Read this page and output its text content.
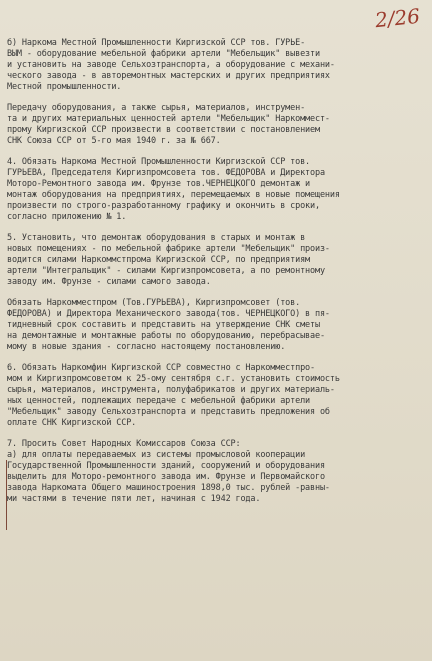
2/26
б) Наркома Местной Промышленности Киргизской ССР тов. ГУРЬЕ-
ВЫМ - оборудование мебельной фабрики артели "Мебельщик" вывезти
и установить на заводе Сельхозтранспорта, а оборудование с механи-
ческого завода - в авторемонтных мастерских и других предприятиях
Местной промышленности.
Передачу оборудования, а также сырья, материалов, инструмен-
та и других материальных ценностей артели "Мебельщик" Наркоммест-
прому Киргизской ССР произвести в соответствии с постановлением
СНК Союза ССР от 5-го мая 1940 г. за № 667.
4. Обязать Наркома Местной Промышленности Киргизской ССР тов.
ГУРЬЕВА, Председателя Киргизпромсовета тов. ФЕДОРОВА и Директора
Моторо-Ремонтного завода им. Фрунзе тов.ЧЕРНЕЦКОГО демонтаж и
монтаж оборудования на предприятиях, перемещаемых в новые помещения
произвести по строго-разработанному графику и окончить в сроки,
согласно приложению № 1.
5. Установить, что демонтаж оборудования в старых и монтаж в
новых помещениях - по мебельной фабрике артели "Мебельщик" произ-
водится силами Наркоммстпрома Киргизской ССР, по предприятиям
артели "Интегральщик" - силами Киргизпромсовета, а по ремонтному
заводу им. Фрунзе - силами самого завода.
Обязать Наркомместпром (Тов.ГУРЬЕВА), Киргизпромсовет (тов.
ФЕДОРОВА) и Директора Механического завода(тов. ЧЕРНЕЦКОГО) в пя-
тидневный срок составить и представить на утверждение СНК сметы
на демонтажные и монтажные работы по оборудованию, перебрасывае-
мому в новые здания - согласно настоящему постановлению.
6. Обязать Наркомфин Киргизской ССР совместно с Наркомместпро-
мом и Киргизпромсоветом к 25-ому сентября с.г. установить стоимость
сырья, материалов, инструмента, полуфабрикатов и других материаль-
ных ценностей, подлежащих передаче с мебельной фабрики артели
"Мебельщик" заводу Сельхозтранспорта и представить предложения об
оплате СНК Киргизской ССР.
7. Просить Совет Народных Комиссаров Союза ССР:
а) для оплаты передаваемых из системы промысловой кооперации
Государственной Промышленности зданий, сооружений и оборудования
выделить для Моторо-ремонтного завода им. Фрунзе и Первомайского
завода Наркомата Общего машиностроения 1898,0 тыс. рублей -равны-
ми частями в течение пяти лет, начиная с 1942 года.
